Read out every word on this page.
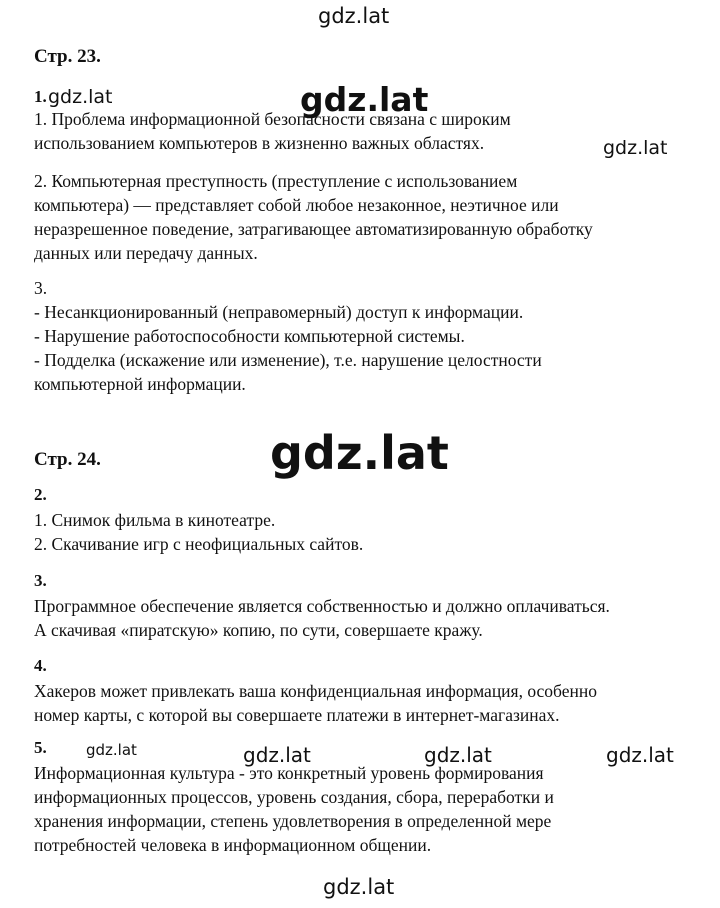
gdz.lat
gdz.lat
Стр. 23.
1.
1. Проблема информационной безопасности связана с широким
использованием компьютеров в жизненно важных областях.
2. Компьютерная преступность (преступление с использованием
компьютера) — представляет собой любое незаконное, неэтичное или
неразрешенное поведение, затрагивающее автоматизированную обработку
данных или передачу данных.
3.
- Несанкционированный (неправомерный) доступ к информации.
- Нарушение работоспособности компьютерной системы.
- Подделка (искажение или изменение), т.е. нарушение целостности
компьютерной информации.
Стр. 24.
2.
1. Снимок фильма в кинотеатре.
2. Скачивание игр с неофициальных сайтов.
3.
Программное обеспечение является собственностью и должно оплачиваться.
А скачивая «пиратскую» копию, по сути, совершаете кражу.
4.
Хакеров может привлекать ваша конфиденциальная информация, особенно
номер карты, с которой вы совершаете платежи в интернет-магазинах.
5.
Информационная культура - это конкретный уровень формирования
информационных процессов, уровень создания, сбора, переработки и
хранения информации, степень удовлетворения в определенной мере
потребностей человека в информационном общении.
gdz.lat	gdz.lat
gdz.lat
gdz.lat
gdz.lat	gdz.lat	gdz.lat	gdz.lat
